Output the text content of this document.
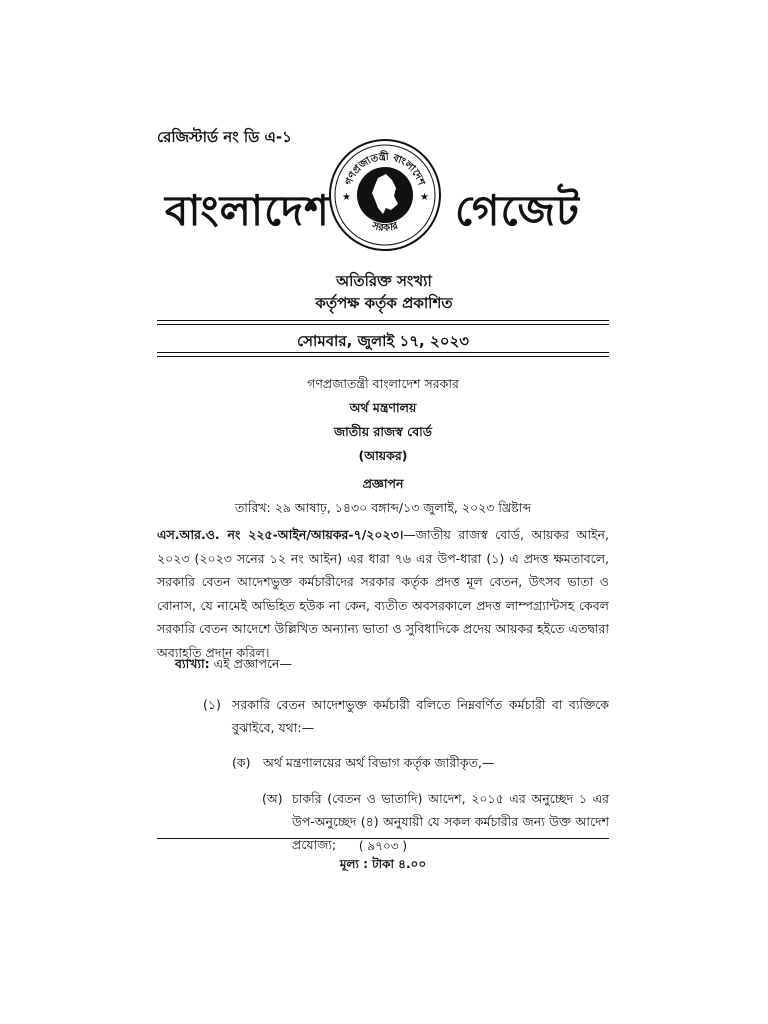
রেজিস্টার্ড নং ডি এ-১
বাংলাদেশ	গেজেট
গণপ্রজাতন্ত্রী বাংলাদেশ
সরকার
★	★
অতিরিক্ত সংখ্যা
কর্তৃপক্ষ কর্তৃক প্রকাশিত
সোমবার, জুলাই ১৭, ২০২৩
গণপ্রজাতন্ত্রী বাংলাদেশ সরকার
অর্থ মন্ত্রণালয়
জাতীয় রাজস্ব বোর্ড
(আয়কর)
প্রজ্ঞাপন
তারিখ: ২৯ আষাঢ়, ১৪৩০ বঙ্গাব্দ/১৩ জুলাই, ২০২৩ খ্রিষ্টাব্দ

এস.আর.ও. নং ২২৫-আইন/আয়কর-৭/২০২৩।—জাতীয় রাজস্ব বোর্ড, আয়কর আইন, ২০২৩ (২০২৩ সনের ১২ নং আইন) এর ধারা ৭৬ এর উপ-ধারা (১) এ প্রদত্ত ক্ষমতাবলে, সরকারি বেতন আদেশভুক্ত কর্মচারীদের সরকার কর্তৃক প্রদত্ত মূল বেতন, উৎসব ভাতা ও বোনাস, যে নামেই অভিহিত হউক না কেন, ব্যতীত অবসরকালে প্রদত্ত লাম্পগ্র্যান্টসহ কেবল সরকারি বেতন আদেশে উল্লিখিত অন্যান্য ভাতা ও সুবিধাদিকে প্রদেয় আয়কর হইতে এতদ্বারা অব্যাহতি প্রদান করিল।

ব্যাখ্যা: এই প্রজ্ঞাপনে—
(১) সরকারি বেতন আদেশভুক্ত কর্মচারী বলিতে নিম্নবর্ণিত কর্মচারী বা ব্যক্তিকে বুঝাইবে, যথা:—
(ক) অর্থ মন্ত্রণালয়ের অর্থ বিভাগ কর্তৃক জারীকৃত,—
(অ) চাকরি (বেতন ও ভাতাদি) আদেশ, ২০১৫ এর অনুচ্ছেদ ১ এর উপ-অনুচ্ছেদ (৪) অনুযায়ী যে সকল কর্মচারীর জন্য উক্ত আদেশ প্রযোজ্য;	( ৯৭০৩ )
মূল্য : টাকা ৪.০০
